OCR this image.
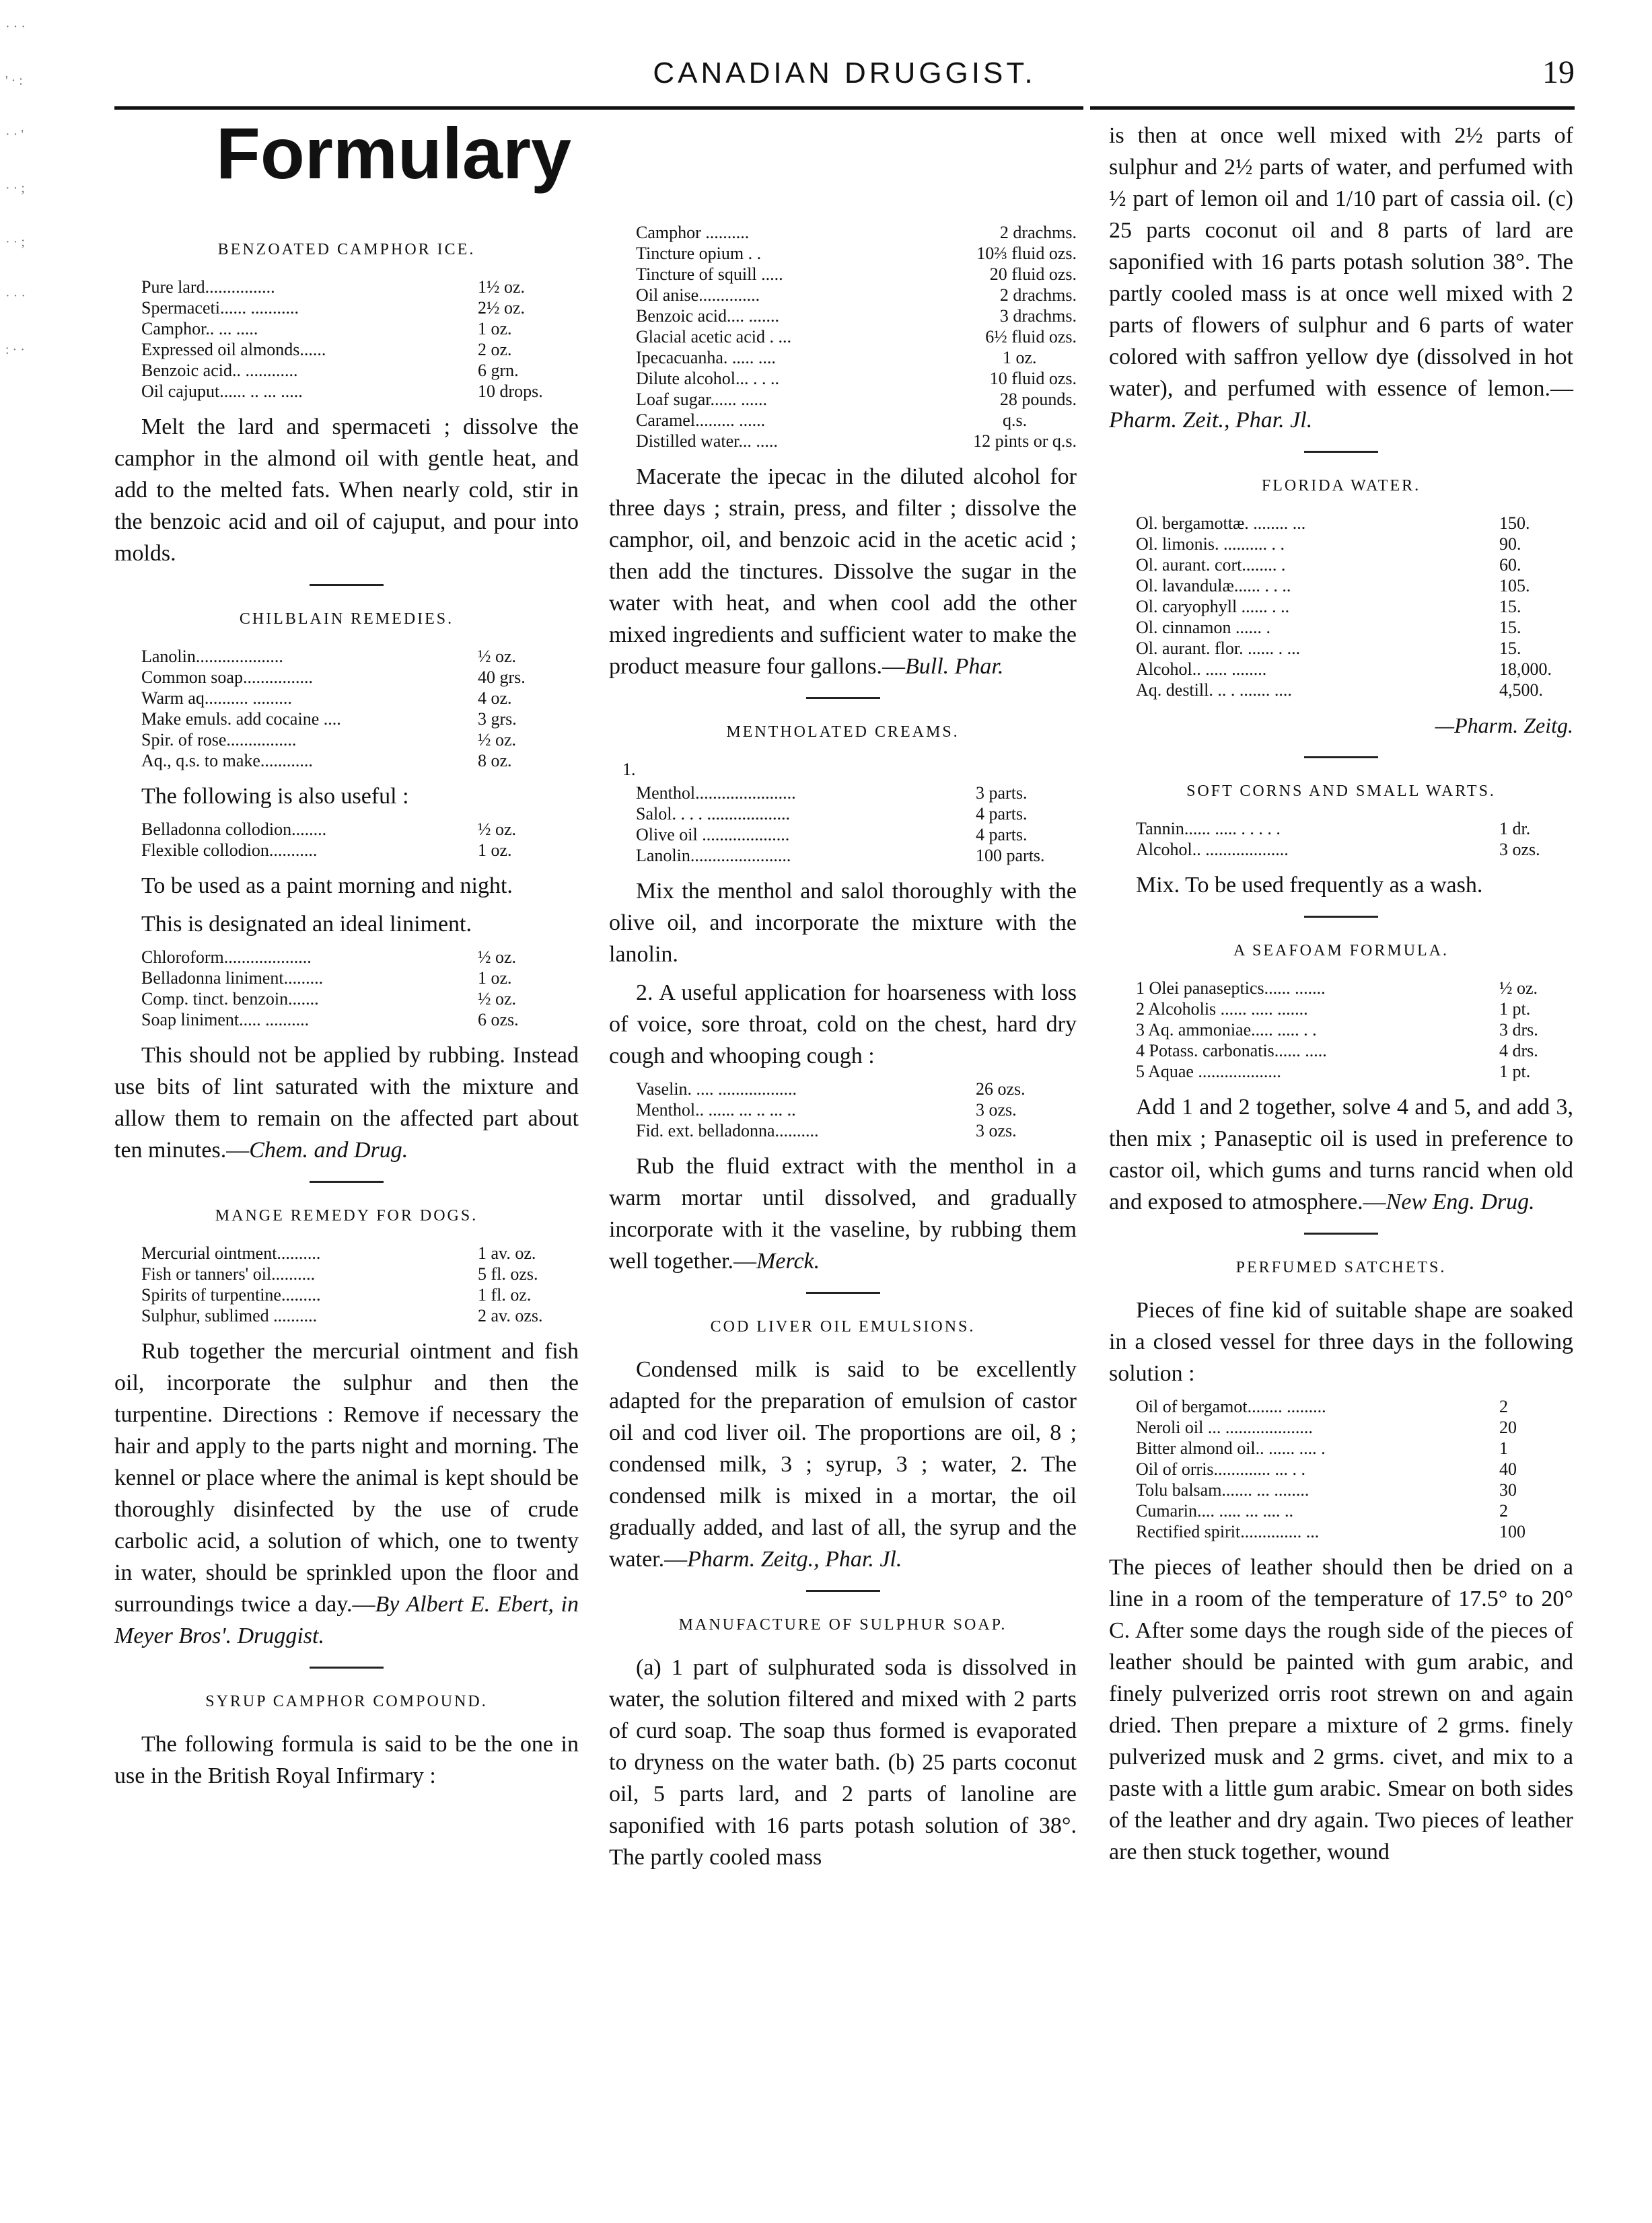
· · · ' · : · · ' · · ; · · ; · · · : · ·
CANADIAN DRUGGIST.	19
Formulary
BENZOATED CAMPHOR ICE.
Pure lard................	1½ oz.
Spermaceti...... ...........	2½ oz.
Camphor.. ... .....	1 oz.
Expressed oil almonds......	2 oz.
Benzoic acid.. ............	6 grn.
Oil cajuput...... .. ... .....	10 drops.

Melt the lard and spermaceti ; dissolve the camphor in the almond oil with gentle heat, and add to the melted fats. When nearly cold, stir in the benzoic acid and oil of cajuput, and pour into molds.

CHILBLAIN REMEDIES.
Lanolin....................	½ oz.
Common soap................	40 grs.
Warm aq.......... .........	4 oz.
Make emuls. add cocaine ....	3 grs.
Spir. of rose................	½ oz.
Aq., q.s. to make............	8 oz.

The following is also useful :

Belladonna collodion........	½ oz.
Flexible collodion...........	1 oz.

To be used as a paint morning and night.

This is designated an ideal liniment.

Chloroform....................	½ oz.
Belladonna liniment.........	1 oz.
Comp. tinct. benzoin.......	½ oz.
Soap liniment..... ..........	6 ozs.

This should not be applied by rubbing. Instead use bits of lint saturated with the mixture and allow them to remain on the affected part about ten minutes.—Chem. and Drug.

MANGE REMEDY FOR DOGS.
Mercurial ointment..........	1 av. oz.
Fish or tanners' oil..........	5 fl. ozs.
Spirits of turpentine.........	1 fl. oz.
Sulphur, sublimed ..........	2 av. ozs.

Rub together the mercurial ointment and fish oil, incorporate the sulphur and then the turpentine. Directions : Remove if necessary the hair and apply to the parts night and morning. The kennel or place where the animal is kept should be thoroughly disinfected by the use of crude carbolic acid, a solution of which, one to twenty in water, should be sprinkled upon the floor and surroundings twice a day.—By Albert E. Ebert, in Meyer Bros'. Druggist.

SYRUP CAMPHOR COMPOUND.

The following formula is said to be the one in use in the British Royal Infirmary :

Camphor ..........	2 drachms.
Tincture opium . .	10⅔ fluid ozs.
Tincture of squill .....	20 fluid ozs.
Oil anise..............	2 drachms.
Benzoic acid.... .......	3 drachms.
Glacial acetic acid . ...	6½ fluid ozs.
Ipecacuanha. ..... ....	1 oz.
Dilute alcohol... . . ..	10 fluid ozs.
Loaf sugar...... ......	28 pounds.
Caramel......... ......	q.s.
Distilled water... .....	12 pints or q.s.

Macerate the ipecac in the diluted alcohol for three days ; strain, press, and filter ; dissolve the camphor, oil, and benzoic acid in the acetic acid ; then add the tinctures. Dissolve the sugar in the water with heat, and when cool add the other mixed ingredients and sufficient water to make the product measure four gallons.—Bull. Phar.

MENTHOLATED CREAMS.
1.
Menthol.......................	3 parts.
Salol. . . . ...................	4 parts.
Olive oil ....................	4 parts.
Lanolin.......................	100 parts.

Mix the menthol and salol thoroughly with the olive oil, and incorporate the mixture with the lanolin.

2. A useful application for hoarseness with loss of voice, sore throat, cold on the chest, hard dry cough and whooping cough :

Vaselin. .... ..................	26 ozs.
Menthol.. ...... ... .. ... ..	3 ozs.
Fid. ext. belladonna..........	3 ozs.

Rub the fluid extract with the menthol in a warm mortar until dissolved, and gradually incorporate with it the vaseline, by rubbing them well together.—Merck.

COD LIVER OIL EMULSIONS.

Condensed milk is said to be excellently adapted for the preparation of emulsion of castor oil and cod liver oil. The proportions are oil, 8 ; condensed milk, 3 ; syrup, 3 ; water, 2. The condensed milk is mixed in a mortar, the oil gradually added, and last of all, the syrup and the water.—Pharm. Zeitg., Phar. Jl.

MANUFACTURE OF SULPHUR SOAP.

(a) 1 part of sulphurated soda is dissolved in water, the solution filtered and mixed with 2 parts of curd soap. The soap thus formed is evaporated to dryness on the water bath. (b) 25 parts coconut oil, 5 parts lard, and 2 parts of lanoline are saponified with 16 parts potash solution of 38°. The partly cooled mass

is then at once well mixed with 2½ parts of sulphur and 2½ parts of water, and perfumed with ½ part of lemon oil and 1/10 part of cassia oil. (c) 25 parts coconut oil and 8 parts of lard are saponified with 16 parts potash solution 38°. The partly cooled mass is at once well mixed with 2 parts of flowers of sulphur and 6 parts of water colored with saffron yellow dye (dissolved in hot water), and perfumed with essence of lemon.—Pharm. Zeit., Phar. Jl.

FLORIDA WATER.
Ol. bergamottæ. ........ ...	150.
Ol. limonis. .......... . .	90.
Ol. aurant. cort........ .	60.
Ol. lavandulæ...... . . ..	105.
Ol. caryophyll ...... . ..	15.
Ol. cinnamon ...... .	15.
Ol. aurant. flor. ...... . ...	15.
Alcohol.. ..... ........	18,000.
Aq. destill. .. . ....... ....	4,500.
—Pharm. Zeitg.
SOFT CORNS AND SMALL WARTS.
Tannin...... ..... . . . . .	1 dr.
Alcohol.. ...................	3 ozs.

Mix. To be used frequently as a wash.

A SEAFOAM FORMULA.
1 Olei panaseptics...... .......	½ oz.
2 Alcoholis ...... ..... .......	1 pt.
3 Aq. ammoniae..... ..... . .	3 drs.
4 Potass. carbonatis...... .....	4 drs.
5 Aquae ...................	1 pt.

Add 1 and 2 together, solve 4 and 5, and add 3, then mix ; Panaseptic oil is used in preference to castor oil, which gums and turns rancid when old and exposed to atmosphere.—New Eng. Drug.

PERFUMED SATCHETS.

Pieces of fine kid of suitable shape are soaked in a closed vessel for three days in the following solution :

Oil of bergamot........ .........	2
Neroli oil ... ....................	20
Bitter almond oil.. ...... .... .	1
Oil of orris............. ... . .	40
Tolu balsam....... ... ........	30
Cumarin.... ..... ... .... ..	2
Rectified spirit.............. ...	100

The pieces of leather should then be dried on a line in a room of the temperature of 17.5° to 20° C. After some days the rough side of the pieces of leather should be painted with gum arabic, and finely pulverized orris root strewn on and again dried. Then prepare a mixture of 2 grms. finely pulverized musk and 2 grms. civet, and mix to a paste with a little gum arabic. Smear on both sides of the leather and dry again. Two pieces of leather are then stuck together, wound
